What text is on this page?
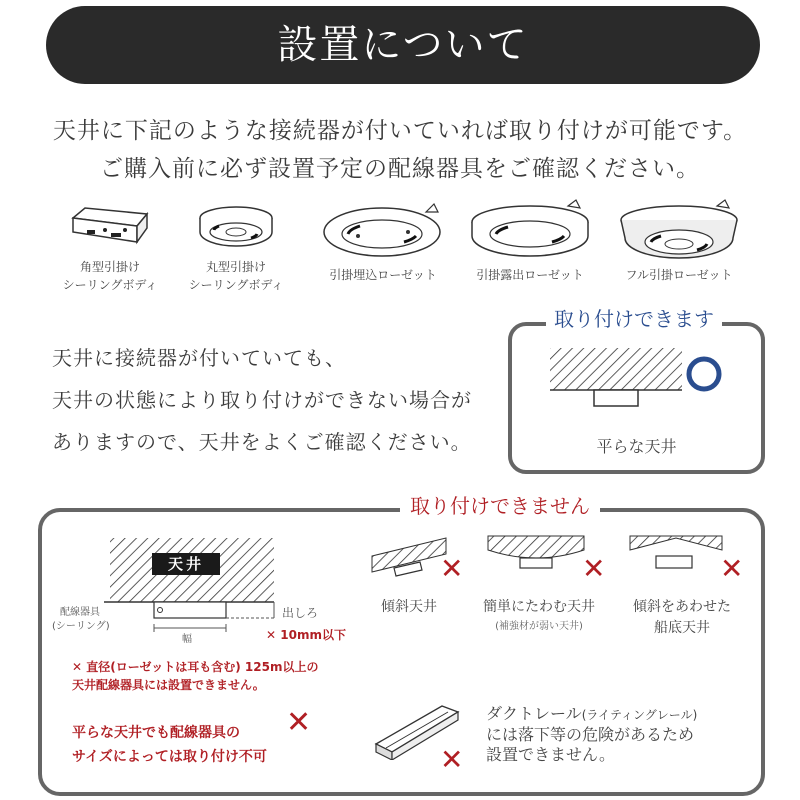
設置について
天井に下記のような接続器が付いていれば取り付けが可能です。
ご購入前に必ず設置予定の配線器具をご確認ください。
角型引掛け
シーリングボディ
丸型引掛け
シーリングボディ
引掛埋込ローゼット	引掛露出ローゼット	フル引掛ローゼット
天井に接続器が付いていても、
天井の状態により取り付けができない場合が
ありますので、天井をよくご確認ください。
取り付けできます
平らな天井
取り付けできません
天井
配線器具
(シーリング)
幅
出しろ
✕ 10mm以下
✕ 直径(ローゼットは耳も含む) 125m以上の
天井配線器具には設置できません。
平らな天井でも配線器具の
サイズによっては取り付け不可
✕
✕
傾斜天井
✕
簡単にたわむ天井
(補強材が弱い天井)
✕
傾斜をあわせた
船底天井
✕
ダクトレール(ライティングレール)
には落下等の危険があるため
設置できません。
